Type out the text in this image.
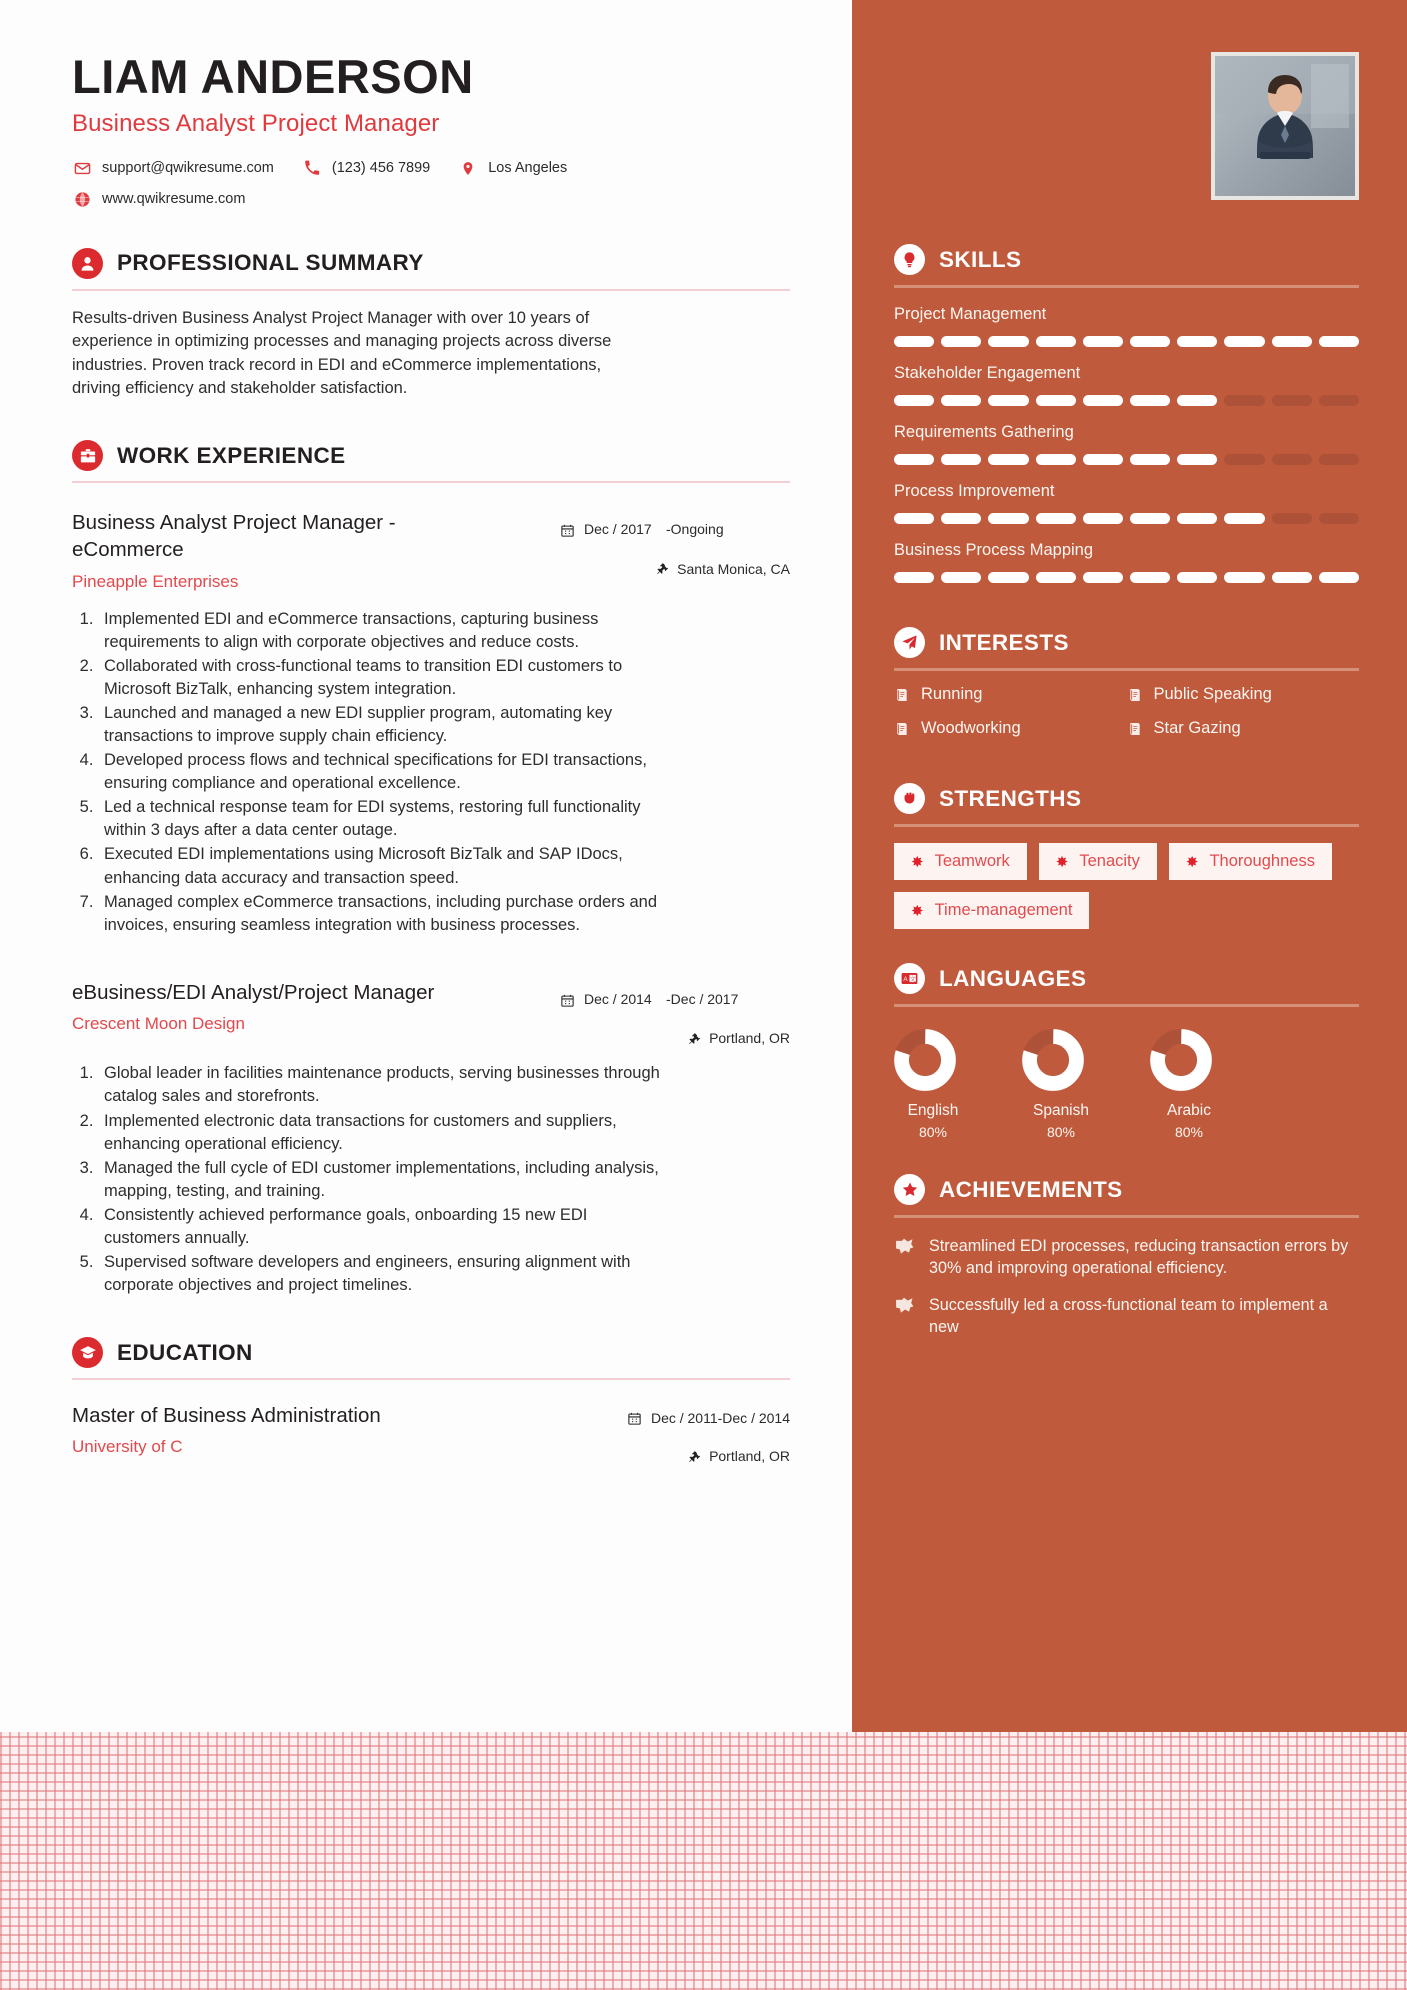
LIAM ANDERSON
Business Analyst Project Manager
support@qwikresume.com	(123) 456 7899	Los Angeles
www.qwikresume.com
PROFESSIONAL SUMMARY

Results-driven Business Analyst Project Manager with over 10 years of experience in optimizing processes and managing projects across diverse industries. Proven track record in EDI and eCommerce implementations, driving efficiency and stakeholder satisfaction.

WORK EXPERIENCE
Business Analyst Project Manager - eCommerce
Pineapple Enterprises
Dec / 2017	-Ongoing
Santa Monica, CA
1. Implemented EDI and eCommerce transactions, capturing business requirements to align with corporate objectives and reduce costs.
2. Collaborated with cross-functional teams to transition EDI customers to Microsoft BizTalk, enhancing system integration.
3. Launched and managed a new EDI supplier program, automating key transactions to improve supply chain efficiency.
4. Developed process flows and technical specifications for EDI transactions, ensuring compliance and operational excellence.
5. Led a technical response team for EDI systems, restoring full functionality within 3 days after a data center outage.
6. Executed EDI implementations using Microsoft BizTalk and SAP IDocs, enhancing data accuracy and transaction speed.
7. Managed complex eCommerce transactions, including purchase orders and invoices, ensuring seamless integration with business processes.
eBusiness/EDI Analyst/Project Manager
Crescent Moon Design
Dec / 2014	-Dec / 2017
Portland, OR
1. Global leader in facilities maintenance products, serving businesses through catalog sales and storefronts.
2. Implemented electronic data transactions for customers and suppliers, enhancing operational efficiency.
3. Managed the full cycle of EDI customer implementations, including analysis, mapping, testing, and training.
4. Consistently achieved performance goals, onboarding 15 new EDI customers annually.
5. Supervised software developers and engineers, ensuring alignment with corporate objectives and project timelines.
EDUCATION
Master of Business Administration
University of C
Dec / 2011-Dec / 2014
Portland, OR
SKILLS
Project Management
Stakeholder Engagement
Requirements Gathering
Process Improvement
Business Process Mapping
INTERESTS
Running	Public Speaking
Woodworking	Star Gazing
STRENGTHS
✸ Teamwork	✸ Tenacity	✸ Thoroughness
✸ Time-management
A 文 LANGUAGES
English
80%
Spanish
80%
Arabic
80%
ACHIEVEMENTS
Streamlined EDI processes, reducing transaction errors by 30% and improving operational efficiency.
Successfully led a cross-functional team to implement a new
